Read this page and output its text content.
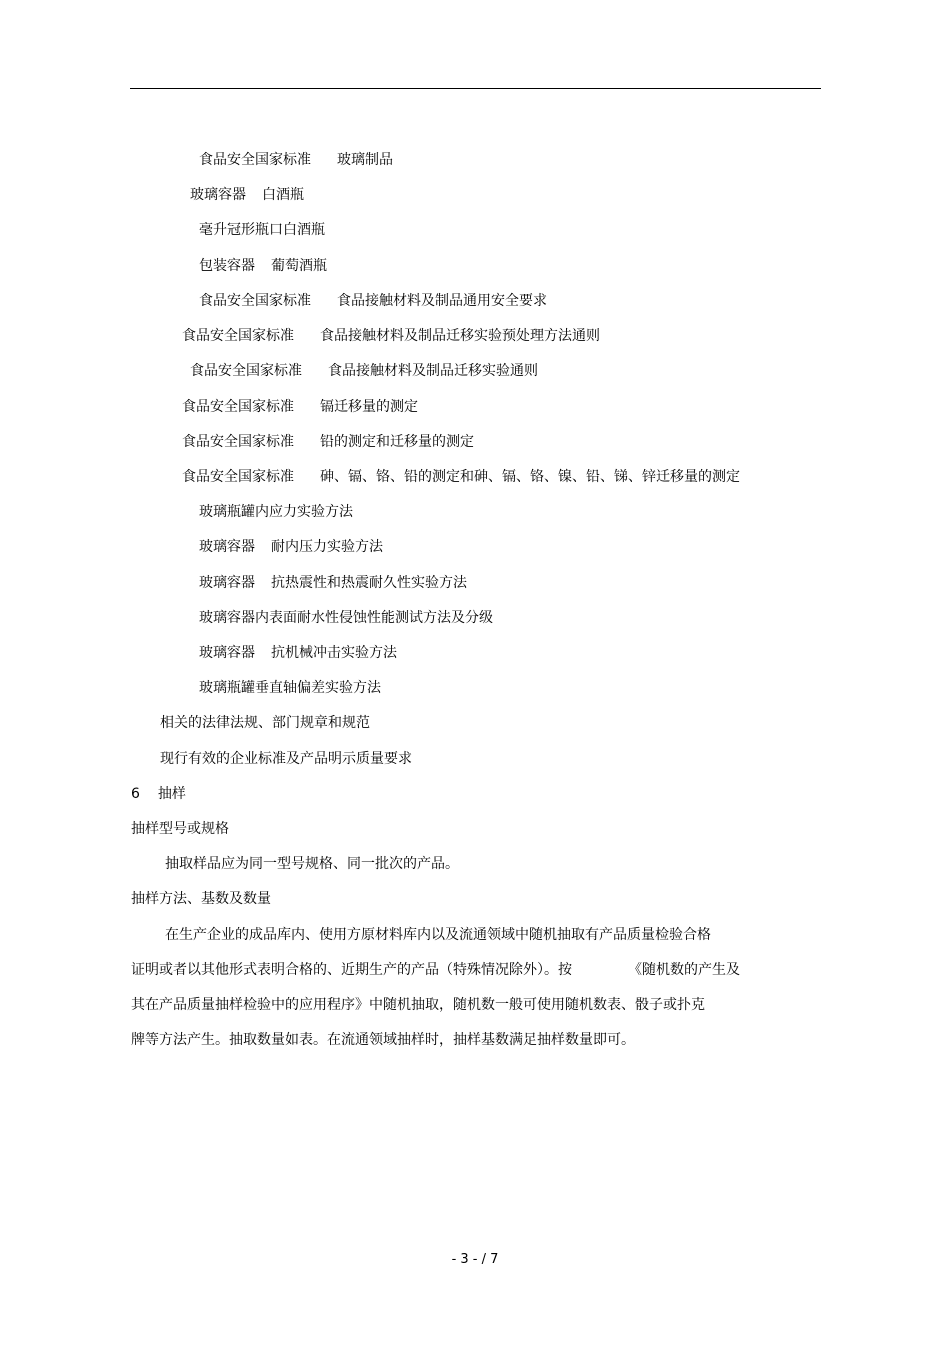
食品安全国家标准 玻璃制品
玻璃容器 白酒瓶
毫升冠形瓶口白酒瓶
包装容器 葡萄酒瓶
食品安全国家标准 食品接触材料及制品通用安全要求
食品安全国家标准 食品接触材料及制品迁移实验预处理方法通则
食品安全国家标准 食品接触材料及制品迁移实验通则
食品安全国家标准 镉迁移量的测定
食品安全国家标准 铅的测定和迁移量的测定
食品安全国家标准 砷、镉、铬、铅的测定和砷、镉、铬、镍、铅、锑、锌迁移量的测定
玻璃瓶罐内应力实验方法
玻璃容器 耐内压力实验方法
玻璃容器 抗热震性和热震耐久性实验方法
玻璃容器内表面耐水性侵蚀性能测试方法及分级
玻璃容器 抗机械冲击实验方法
玻璃瓶罐垂直轴偏差实验方法
相关的法律法规、部门规章和规范
现行有效的企业标准及产品明示质量要求
6 抽样
抽样型号或规格
抽取样品应为同一型号规格、同一批次的产品。
抽样方法、基数及数量
在生产企业的成品库内、使用方原材料库内以及流通领域中随机抽取有产品质量检验合格
证明或者以其他形式表明合格的、近期生产的产品（特殊情况除外）。按	《随机数的产生及
其在产品质量抽样检验中的应用程序》中随机抽取，随机数一般可使用随机数表、骰子或扑克
牌等方法产生。抽取数量如表。在流通领域抽样时，抽样基数满足抽样数量即可。
- 3 - / 7
